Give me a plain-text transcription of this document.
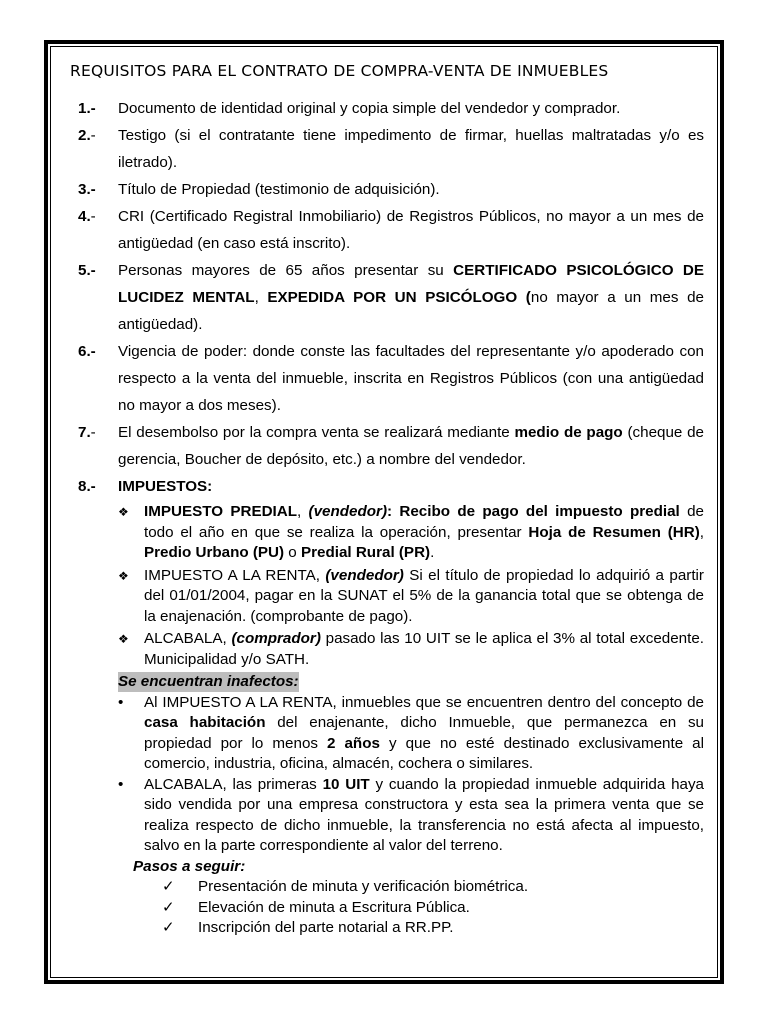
REQUISITOS PARA EL CONTRATO DE COMPRA-VENTA DE INMUEBLES
1.-	Documento de identidad original y copia simple del vendedor y comprador.
2.-	Testigo (si el contratante tiene impedimento de firmar, huellas maltratadas y/o es iletrado).
3.-	Título de Propiedad (testimonio de adquisición).
4.-	CRI (Certificado Registral Inmobiliario) de Registros Públicos, no mayor a un mes de antigüedad (en caso está inscrito).
5.-	Personas mayores de 65 años presentar su CERTIFICADO PSICOLÓGICO DE LUCIDEZ MENTAL, EXPEDIDA POR UN PSICÓLOGO (no mayor a un mes de antigüedad).
6.-	Vigencia de poder: donde conste las facultades del representante y/o apoderado con respecto a la venta del inmueble, inscrita en Registros Públicos (con una antigüedad no mayor a dos meses).
7.-	El desembolso por la compra venta se realizará mediante medio de pago (cheque de gerencia, Boucher de depósito, etc.) a nombre del vendedor.
8.-	IMPUESTOS:
❖	IMPUESTO PREDIAL, (vendedor): Recibo de pago del impuesto predial de todo el año en que se realiza la operación, presentar Hoja de Resumen (HR), Predio Urbano (PU) o Predial Rural (PR).
❖	IMPUESTO A LA RENTA, (vendedor) Si el título de propiedad lo adquirió a partir del 01/01/2004, pagar en la SUNAT el 5% de la ganancia total que se obtenga de la enajenación. (comprobante de pago).
❖	ALCABALA, (comprador) pasado las 10 UIT se le aplica el 3% al total excedente. Municipalidad y/o SATH.
Se encuentran inafectos:
•	Al IMPUESTO A LA RENTA, inmuebles que se encuentren dentro del concepto de casa habitación del enajenante, dicho Inmueble, que permanezca en su propiedad por lo menos 2 años y que no esté destinado exclusivamente al comercio, industria, oficina, almacén, cochera o similares.
•	ALCABALA, las primeras 10 UIT y cuando la propiedad inmueble adquirida haya sido vendida por una empresa constructora y esta sea la primera venta que se realiza respecto de dicho inmueble, la transferencia no está afecta al impuesto, salvo en la parte correspondiente al valor del terreno.
Pasos a seguir:
✓	Presentación de minuta y verificación biométrica.
✓	Elevación de minuta a Escritura Pública.
✓	Inscripción del parte notarial a RR.PP.
